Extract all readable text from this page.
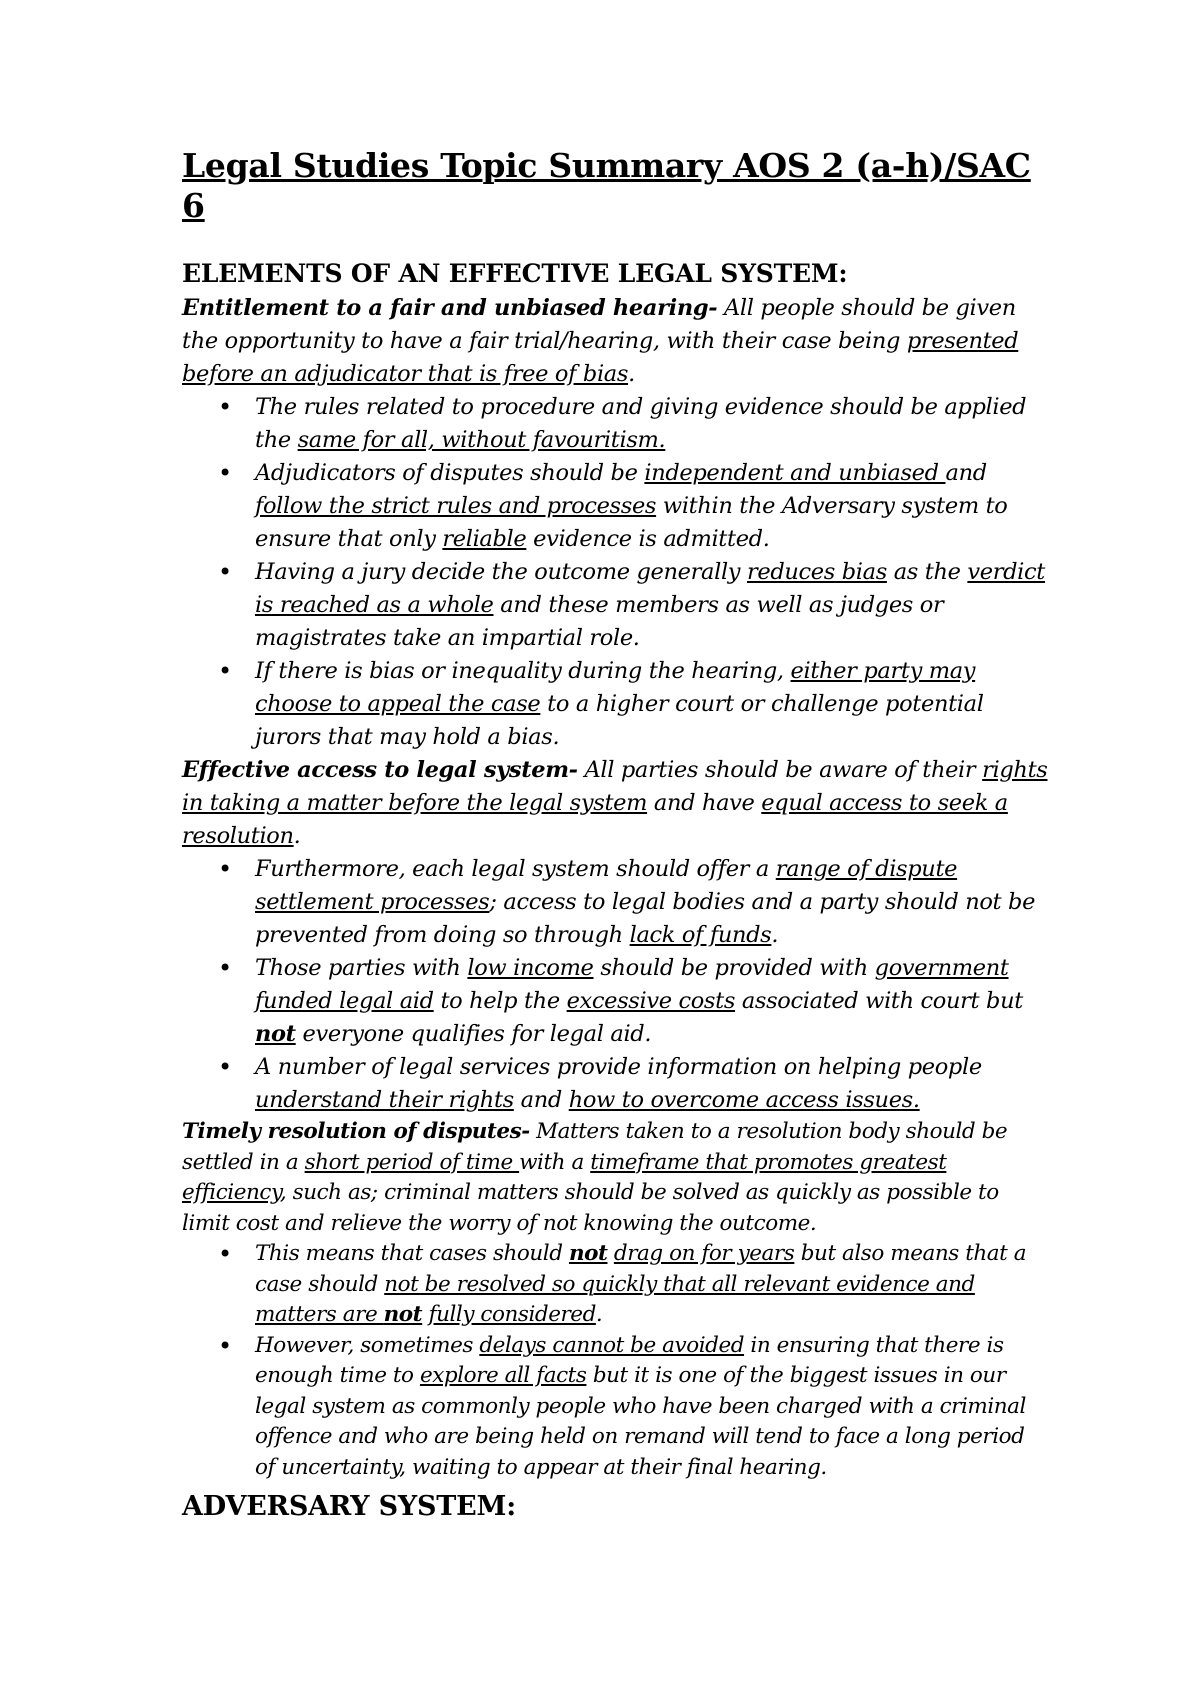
Legal Studies Topic Summary AOS 2 (a-h)/SAC 6
ELEMENTS OF AN EFFECTIVE LEGAL SYSTEM:

Entitlement to a fair and unbiased hearing- All people should be given the opportunity to have a fair trial/hearing, with their case being presented before an adjudicator that is free of bias.

• The rules related to procedure and giving evidence should be applied the same for all, without favouritism.
• Adjudicators of disputes should be independent and unbiased and follow the strict rules and processes within the Adversary system to ensure that only reliable evidence is admitted.
• Having a jury decide the outcome generally reduces bias as the verdict is reached as a whole and these members as well as judges or magistrates take an impartial role.
• If there is bias or inequality during the hearing, either party may choose to appeal the case to a higher court or challenge potential jurors that may hold a bias.

Effective access to legal system- All parties should be aware of their rights in taking a matter before the legal system and have equal access to seek a resolution.

• Furthermore, each legal system should offer a range of dispute settlement processes; access to legal bodies and a party should not be prevented from doing so through lack of funds.
• Those parties with low income should be provided with government funded legal aid to help the excessive costs associated with court but not everyone qualifies for legal aid.
• A number of legal services provide information on helping people understand their rights and how to overcome access issues.

Timely resolution of disputes- Matters taken to a resolution body should be settled in a short period of time with a timeframe that promotes greatest efficiency, such as; criminal matters should be solved as quickly as possible to limit cost and relieve the worry of not knowing the outcome.

• This means that cases should not drag on for years but also means that a case should not be resolved so quickly that all relevant evidence and matters are not fully considered.
• However, sometimes delays cannot be avoided in ensuring that there is enough time to explore all facts but it is one of the biggest issues in our legal system as commonly people who have been charged with a criminal offence and who are being held on remand will tend to face a long period of uncertainty, waiting to appear at their final hearing.
ADVERSARY SYSTEM:
